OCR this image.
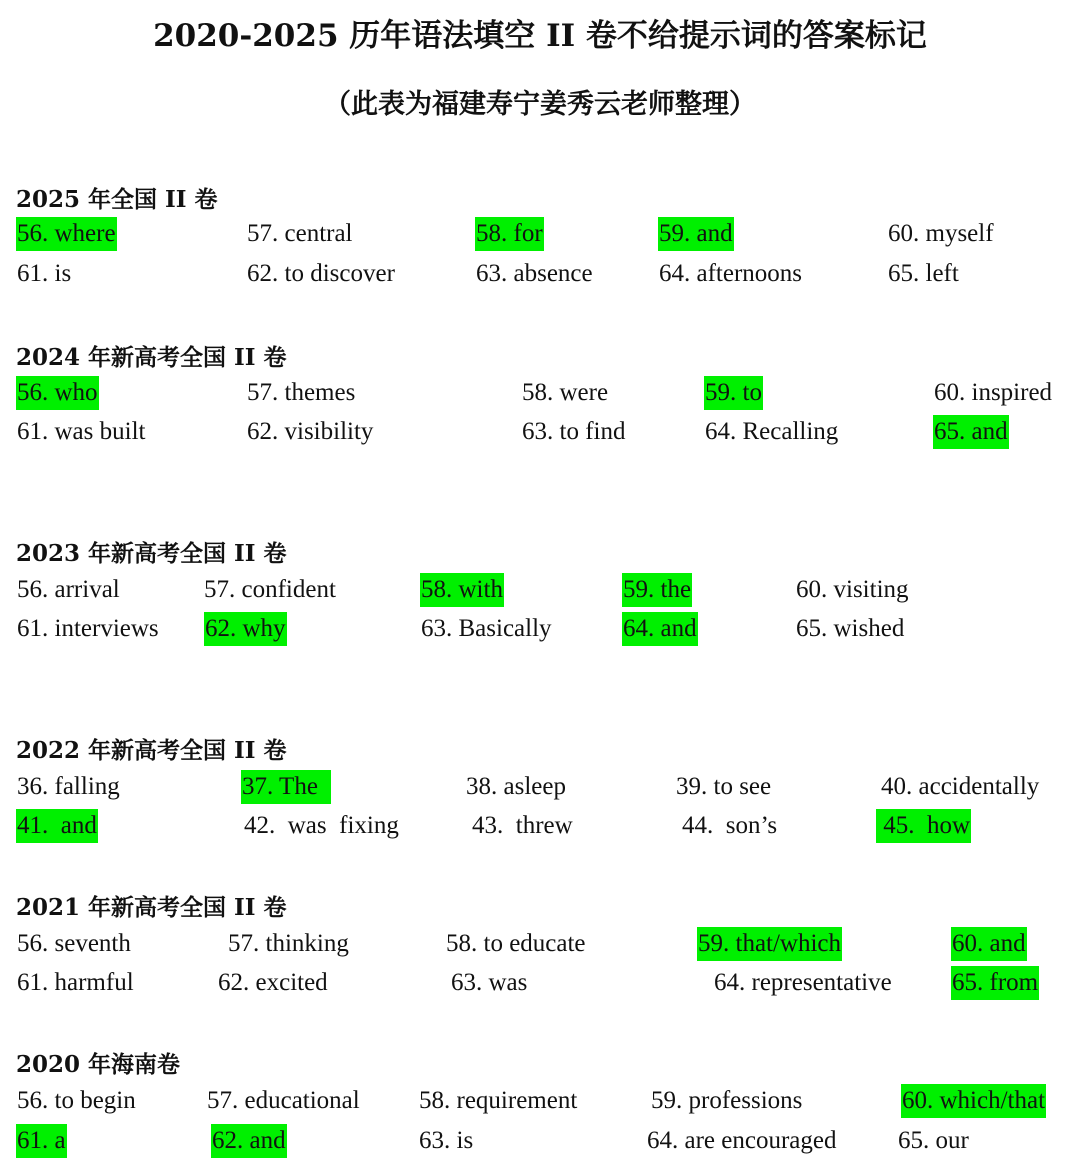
2020-2025 历年语法填空 II 卷不给提示词的答案标记
（此表为福建寿宁姜秀云老师整理）
2025 年全国 II 卷
56. where	57. central	58. for	59. and	60. myself
61. is	62. to discover	63. absence	64. afternoons	65. left
2024 年新高考全国 II 卷
56. who	57. themes	58. were	59. to	60. inspired
61. was built	62. visibility	63. to find	64. Recalling	65. and
2023 年新高考全国 II 卷
56. arrival	57. confident	58. with	59. the	60. visiting
61. interviews 62. why	63. Basically	64. and	65. wished
2022 年新高考全国 II 卷
36. falling	37. The	38. asleep	39. to see	40. accidentally
41.  and	42.  was  fixing	43.  threw	44.  son’s	45.  how
2021 年新高考全国 II 卷
56. seventh	57. thinking	58. to educate	59. that/which	60. and
61. harmful	62. excited	63. was	64. representative 65. from
2020 年海南卷
56. to begin	57. educational 58. requirement	59. professions	60. which/that
61. a	62. and	63. is	64. are encouraged 65. our
